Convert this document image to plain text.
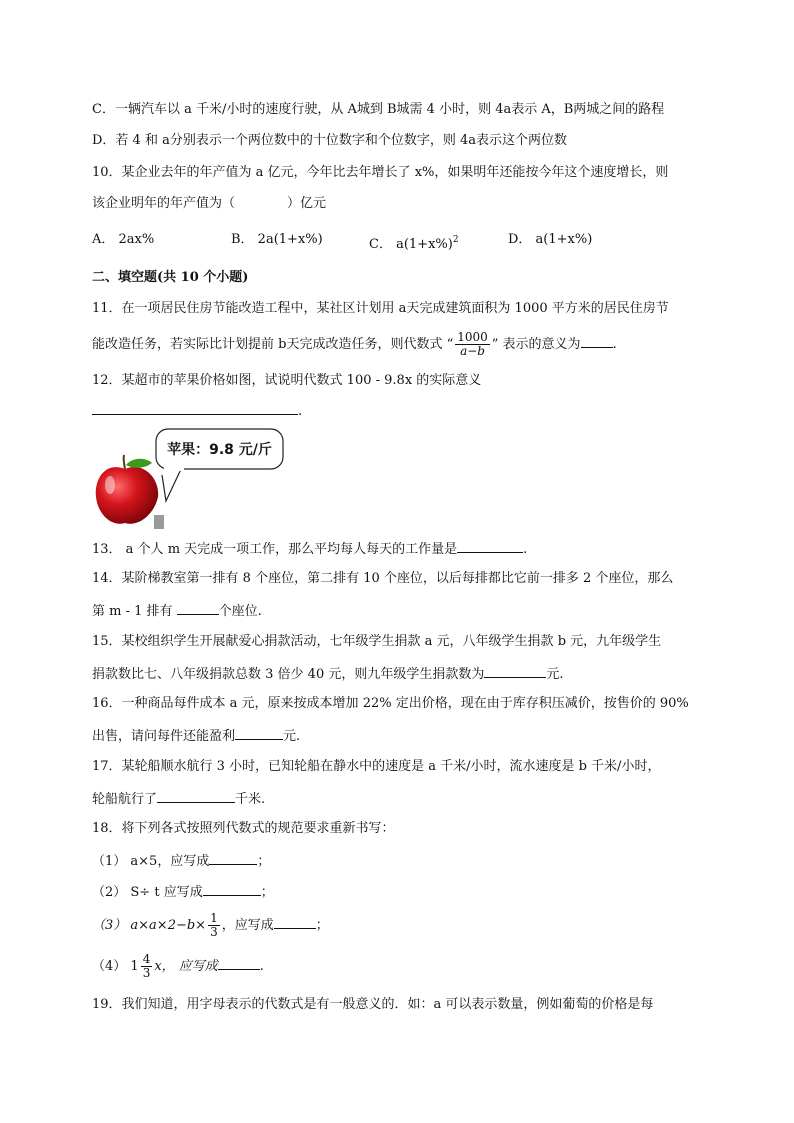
C．一辆汽车以 a 千米/小时的速度行驶，从 A城到 B城需 4 小时，则 4a表示 A，B两城之间的路程
D．若 4 和 a分别表示一个两位数中的十位数字和个位数字，则 4a表示这个两位数
10．某企业去年的年产值为 a 亿元，今年比去年增长了 x%，如果明年还能按今年这个速度增长，则
该企业明年的年产值为（　　　　）亿元
A． 2ax%	B． 2a(1+x%)	C． $a(1+x\%)^2$	D． a(1+x%)
二、填空题(共 10 个小题)
11．在一项居民住房节能改造工程中，某社区计划用 a天完成建筑面积为 1000 平方米的居民住房节
能改造任务，若实际比计划提前 b天完成改造任务，则代数式 “ $\frac{1000}{a-b}$ ” 表示的意义为 .
12．某超市的苹果价格如图，试说明代数式 100 - 9.8x 的实际意义
.
苹果：9.8 元/斤
13． a 个人 m 天完成一项工作，那么平均每人每天的工作量是	.
14．某阶梯教室第一排有 8 个座位，第二排有 10 个座位，以后每排都比它前一排多 2 个座位，那么
第 m - 1 排有	个座位.
15．某校组织学生开展献爱心捐款活动，七年级学生捐款 a 元，八年级学生捐款 b 元，九年级学生
捐款数比七、八年级捐款总数 3 倍少 40 元，则九年级学生捐款数为	元.
16．一种商品每件成本 a 元，原来按成本增加 22% 定出价格，现在由于库存积压减价，按售价的 90%
出售，请问每件还能盈利	元.
17．某轮船顺水航行 3 小时，已知轮船在静水中的速度是 a 千米/小时，流水速度是 b 千米/小时，
轮船航行了	千米.
18．将下列各式按照列代数式的规范要求重新书写：
（1） a×5，应写成	；
（2） S÷ t 应写成	；
（3） $a\times a\times 2-b\times \frac{1}{3}$ ，应写成	；
（4） $1 \frac{4}{3}$ x， 应写成	.
19．我们知道，用字母表示的代数式是有一般意义的．如：a 可以表示数量，例如葡萄的价格是每
